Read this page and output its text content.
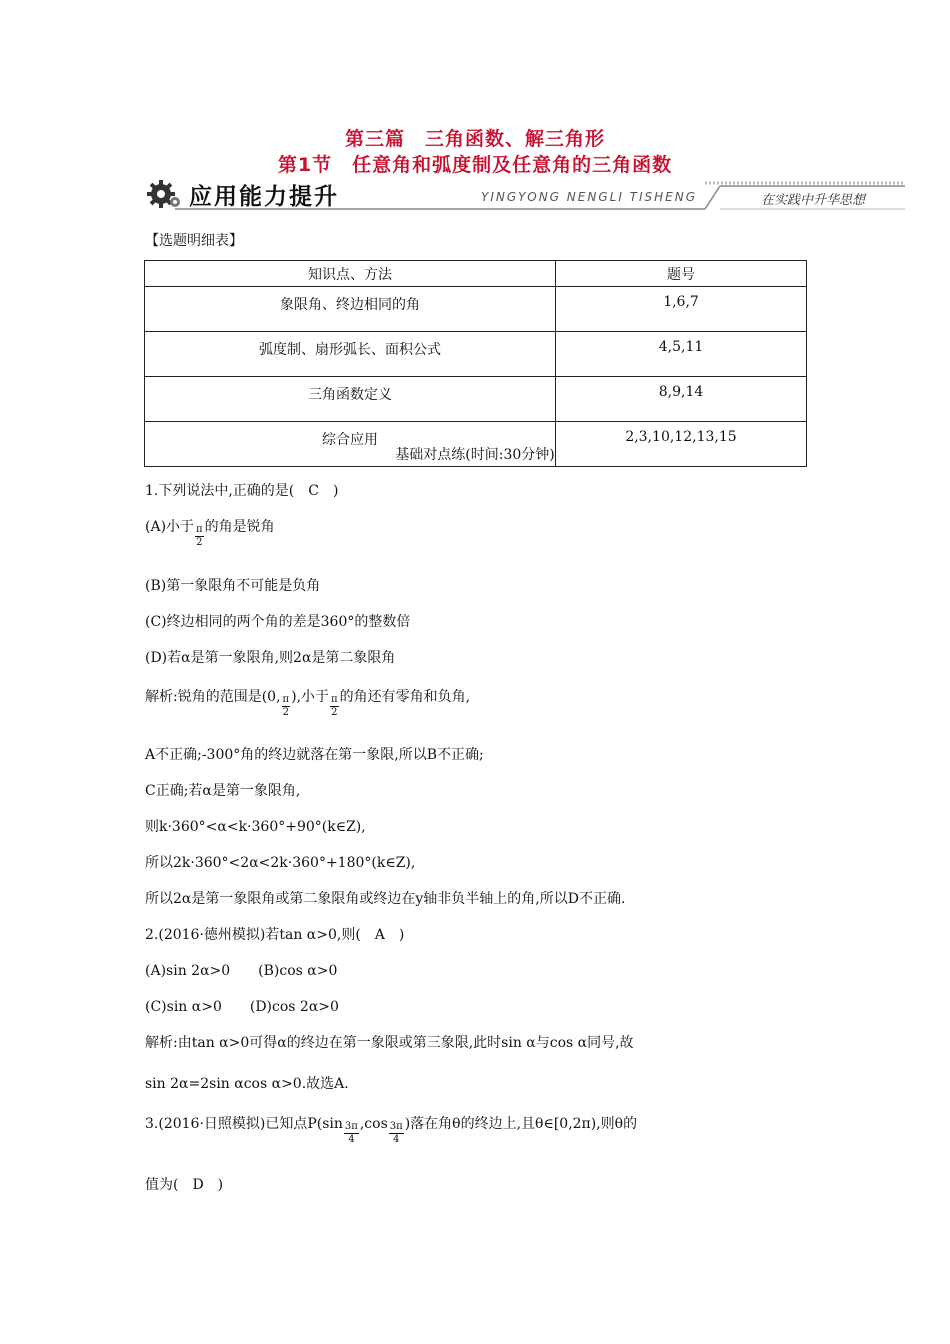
第三篇　三角函数、解三角形
第1节　任意角和弧度制及任意角的三角函数
应用能力提升	YINGYONG NENGLI TISHENG	在实践中升华思想
【选题明细表】
知识点、方法	题号
象限角、终边相同的角	1,6,7
弧度制、扇形弧长、面积公式	4,5,11
三角函数定义	8,9,14
综合应用	2,3,10,12,13,15
基础对点练(时间:30分钟)
1.下列说法中,正确的是(　C　)
(A)小于 $\frac{\pi}{2}$ 的角是锐角
(B)第一象限角不可能是负角
(C)终边相同的两个角的差是360°的整数倍
(D)若α是第一象限角,则2α是第二象限角
解析:锐角的范围是(0, $\frac{\pi}{2}$ ),小于 $\frac{\pi}{2}$ 的角还有零角和负角,
A不正确;-300°角的终边就落在第一象限,所以B不正确;
C正确;若α是第一象限角,
则k·360°<α<k·360°+90°(k∈Z),
所以2k·360°<2α<2k·360°+180°(k∈Z),
所以2α是第一象限角或第二象限角或终边在y轴非负半轴上的角,所以D不正确.
2.(2016·德州模拟)若tan α>0,则(　A　)
(A)sin 2α>0　　(B)cos α>0
(C)sin α>0　　(D)cos 2α>0
解析:由tan α>0可得α的终边在第一象限或第三象限,此时sin α与cos α同号,故
sin 2α=2sin αcos α>0.故选A.
3.(2016·日照模拟)已知点$P(\sin \frac{3\pi}{4} ,\cos \frac{3\pi}{4}$ )落在角θ的终边上,且θ∈[0,2π),则θ的
值为(　D　)
